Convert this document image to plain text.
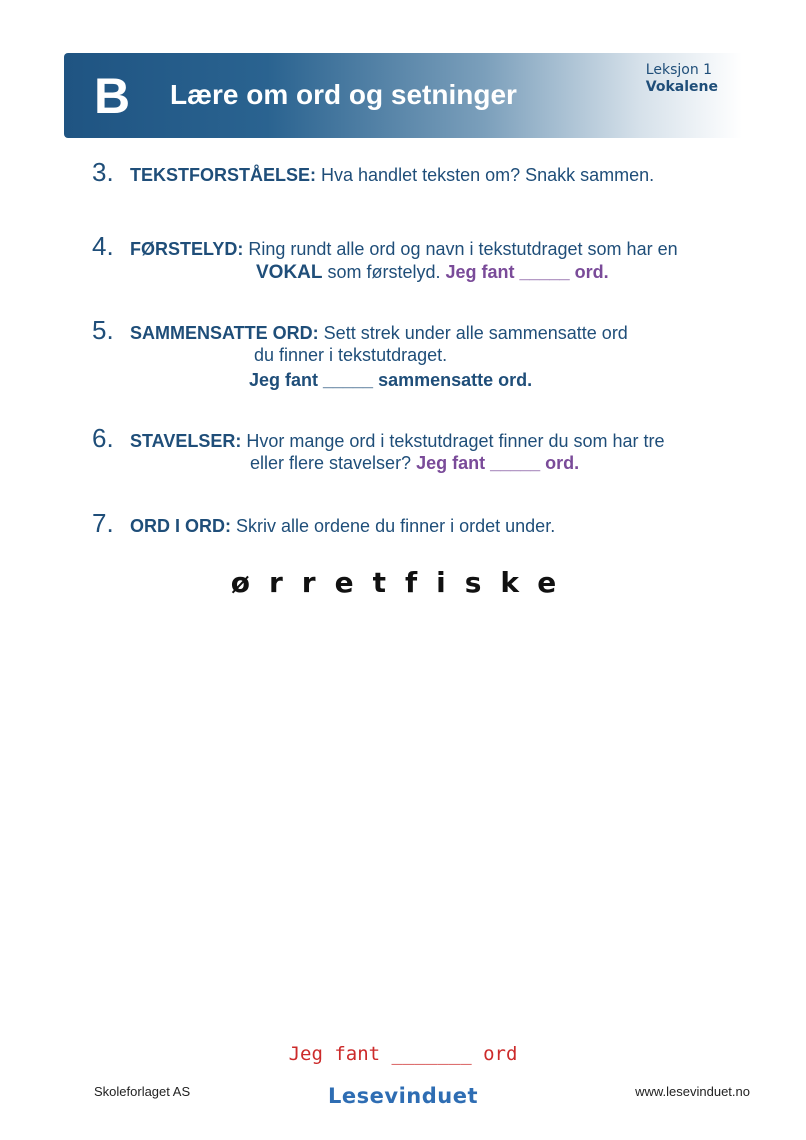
B Lære om ord og setninger
Leksjon 1
Vokalene
3. TEKSTFORSTÅELSE: Hva handlet teksten om? Snakk sammen.
4. FØRSTELYD: Ring rundt alle ord og navn i tekstutdraget som har en
VOKAL som førstelyd. Jeg fant _____ ord.
5. SAMMENSATTE ORD: Sett strek under alle sammensatte ord
du finner i tekstutdraget.
Jeg fant _____ sammensatte ord.
6. STAVELSER: Hvor mange ord i tekstutdraget finner du som har tre
eller flere stavelser? Jeg fant _____ ord.
7. ORD I ORD: Skriv alle ordene du finner i ordet under.
ørretfiske
Jeg fant _______ ord
Skoleforlaget AS	Lesevinduet	www.lesevinduet.no
